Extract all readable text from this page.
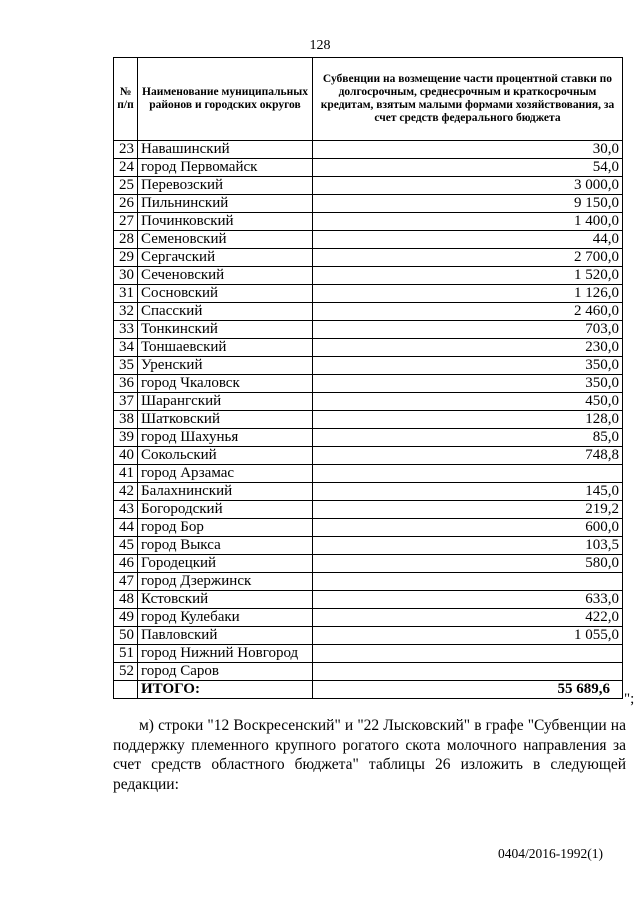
128
№ п/п	Наименование муниципальных районов и городских округов	Субвенции на возмещение части процентной ставки по долгосрочным, среднесрочным и краткосрочным кредитам, взятым малыми формами хозяйствования, за счет средств федерального бюджета
23	Навашинский	30,0
24	город Первомайск	54,0
25	Перевозский	3 000,0
26	Пильнинский	9 150,0
27	Починковский	1 400,0
28	Семеновский	44,0
29	Сергачский	2 700,0
30	Сеченовский	1 520,0
31	Сосновский	1 126,0
32	Спасский	2 460,0
33	Тонкинский	703,0
34	Тоншаевский	230,0
35	Уренский	350,0
36	город Чкаловск	350,0
37	Шарангский	450,0
38	Шатковский	128,0
39	город Шахунья	85,0
40	Сокольский	748,8
41	город Арзамас	
42	Балахнинский	145,0
43	Богородский	219,2
44	город Бор	600,0
45	город Выкса	103,5
46	Городецкий	580,0
47	город Дзержинск	
48	Кстовский	633,0
49	город Кулебаки	422,0
50	Павловский	1 055,0
51	город Нижний Новгород	
52	город Саров	
	ИТОГО:	55 689,6
";
м) строки "12 Воскресенский" и "22 Лысковский" в графе "Субвенции на поддержку племенного крупного рогатого скота молочного направления за счет средств областного бюджета" таблицы 26 изложить в следующей редакции:
0404/2016-1992(1)
